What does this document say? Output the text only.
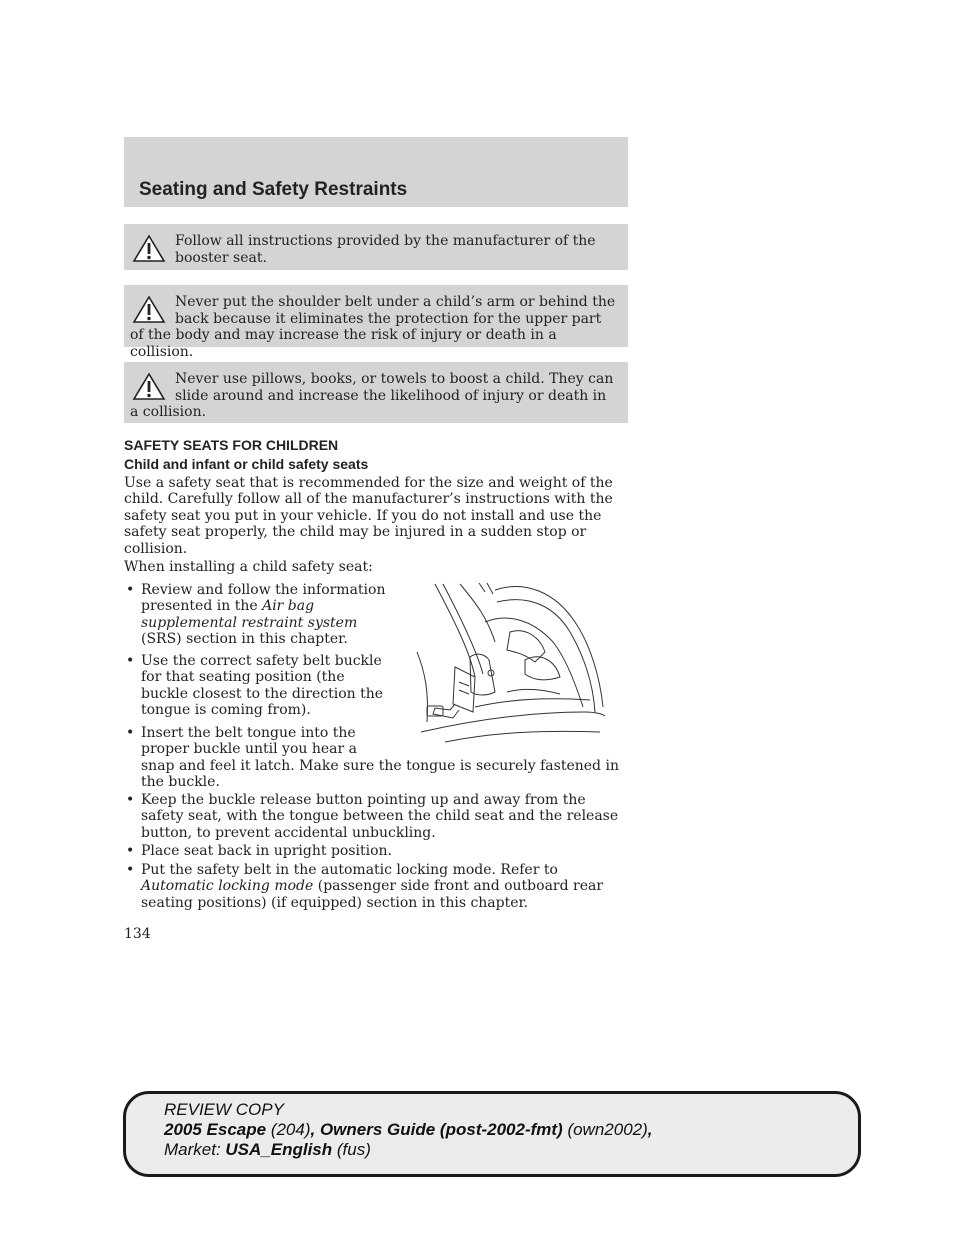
Seating and Safety Restraints
Follow all instructions provided by the manufacturer of the booster seat.
Never put the shoulder belt under a child’s arm or behind the back because it eliminates the protection for the upper part of the body and may increase the risk of injury or death in a collision.
Never use pillows, books, or towels to boost a child. They can slide around and increase the likelihood of injury or death in a collision.
SAFETY SEATS FOR CHILDREN
Child and infant or child safety seats
Use a safety seat that is recommended for the size and weight of the child. Carefully follow all of the manufacturer’s instructions with the safety seat you put in your vehicle. If you do not install and use the safety seat properly, the child may be injured in a sudden stop or collision.
When installing a child safety seat:
• Review and follow the information presented in the Air bag supplemental restraint system (SRS) section in this chapter.
• Use the correct safety belt buckle for that seating position (the buckle closest to the direction the tongue is coming from).
• Insert the belt tongue into the
proper buckle until you hear a
snap and feel it latch. Make sure the tongue is securely fastened in the buckle.
• Keep the buckle release button pointing up and away from the safety seat, with the tongue between the child seat and the release button, to prevent accidental unbuckling.
• Place seat back in upright position.
• Put the safety belt in the automatic locking mode. Refer to Automatic locking mode (passenger side front and outboard rear seating positions) (if equipped) section in this chapter.
134
REVIEW COPY
2005 Escape (204), Owners Guide (post-2002-fmt) (own2002),
Market: USA_English (fus)
